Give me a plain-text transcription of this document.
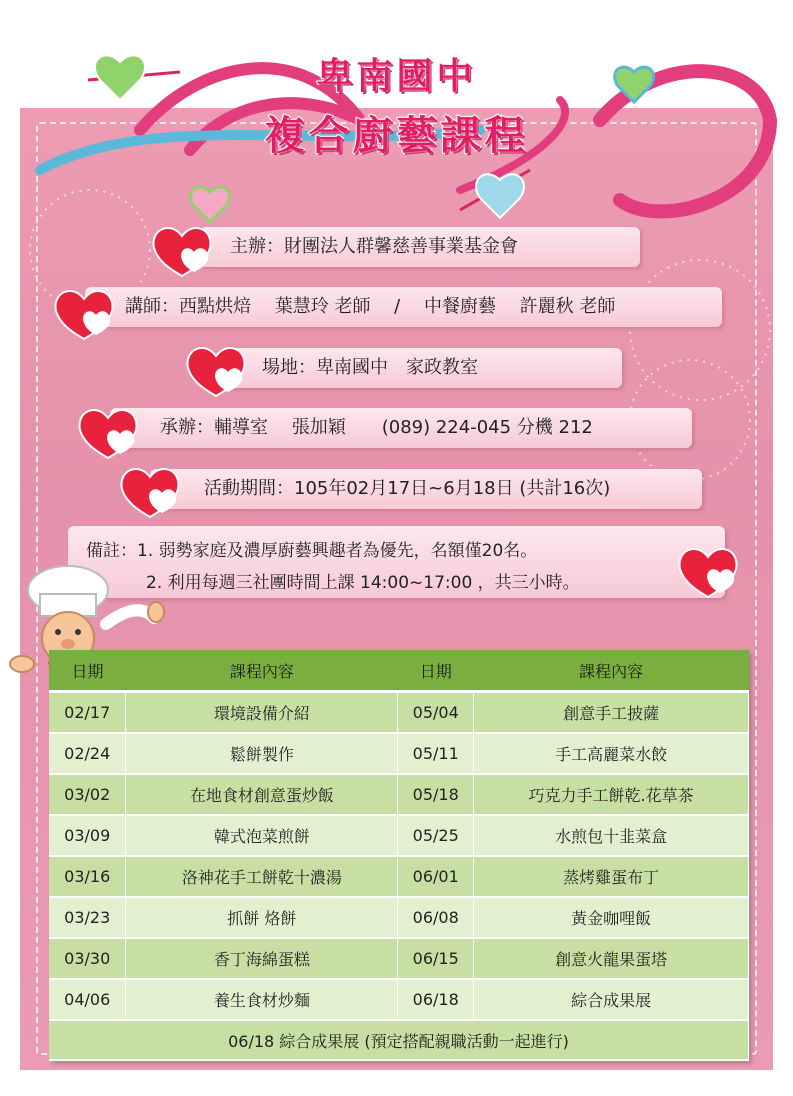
卑南國中
複合廚藝課程
主辦：財團法人群馨慈善事業基金會
講師：西點烘焙　 葉慧玲 老師　 /　 中餐廚藝　 許麗秋 老師
場地：卑南國中　家政教室
承辦：輔導室　 張加穎　　(089) 224-045 分機 212
活動期間：105年02月17日~6月18日 (共計16次)
備註：1. 弱勢家庭及濃厚廚藝興趣者為優先，名額僅20名。
2. 利用每週三社團時間上課 14:00~17:00 ，共三小時。
日期	課程內容	日期	課程內容
02/17	環境設備介紹	05/04	創意手工披薩
02/24	鬆餅製作	05/11	手工高麗菜水餃
03/02	在地食材創意蛋炒飯	05/18	巧克力手工餅乾.花草茶
03/09	韓式泡菜煎餅	05/25	水煎包十韭菜盒
03/16	洛神花手工餅乾十濃湯	06/01	蒸烤雞蛋布丁
03/23	抓餅 烙餅	06/08	黃金咖哩飯
03/30	香丁海綿蛋糕	06/15	創意火龍果蛋塔
04/06	養生食材炒麵	06/18	綜合成果展
06/18 綜合成果展 (預定搭配親職活動一起進行)			
